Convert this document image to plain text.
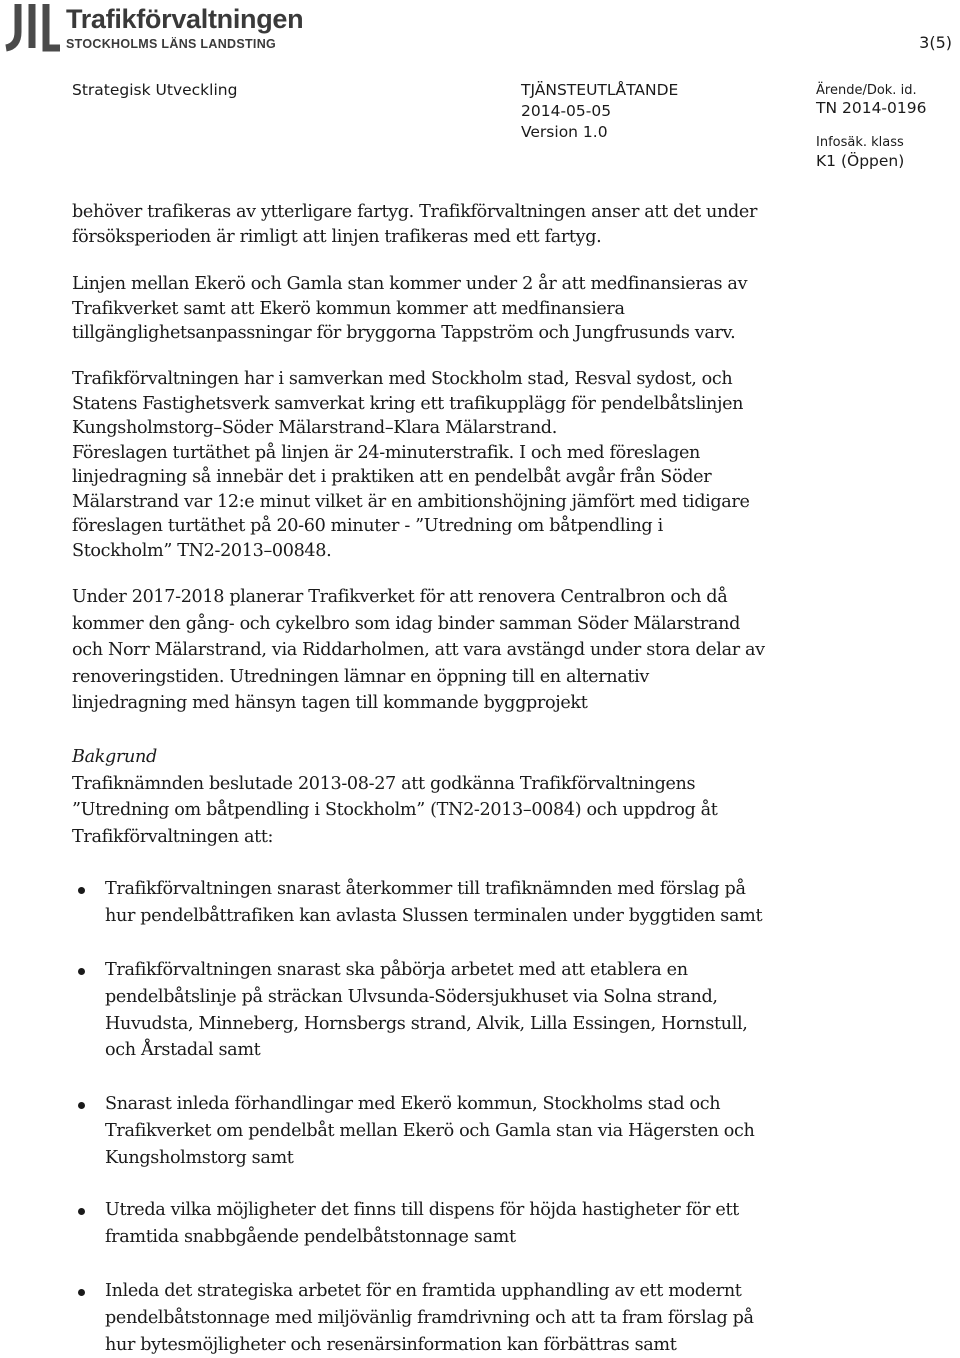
Trafikförvaltningen
STOCKHOLMS LÄNS LANDSTING	3(5)
Strategisk Utveckling	TJÄNSTEUTLÅTANDE
2014-05-05
Version 1.0
Ärende/Dok. id.
TN 2014-0196
Infosäk. klass
K1 (Öppen)

behöver trafikeras av ytterligare fartyg. Trafikförvaltningen anser att det under

försöksperioden är rimligt att linjen trafikeras med ett fartyg.

Linjen mellan Ekerö och Gamla stan kommer under 2 år att medfinansieras av

Trafikverket samt att Ekerö kommun kommer att medfinansiera

tillgänglighetsanpassningar för bryggorna Tappström och Jungfrusunds varv.

Trafikförvaltningen har i samverkan med Stockholm stad, Resval sydost, och

Statens Fastighetsverk samverkat kring ett trafikupplägg för pendelbåtslinjen

Kungsholmstorg–Söder Mälarstrand–Klara Mälarstrand.

Föreslagen turtäthet på linjen är 24-minuterstrafik. I och med föreslagen

linjedragning så innebär det i praktiken att en pendelbåt avgår från Söder

Mälarstrand var 12:e minut vilket är en ambitionshöjning jämfört med tidigare

föreslagen turtäthet på 20-60 minuter - ”Utredning om båtpendling i

Stockholm” TN2-2013–00848.

Under 2017-2018 planerar Trafikverket för att renovera Centralbron och då

kommer den gång- och cykelbro som idag binder samman Söder Mälarstrand

och Norr Mälarstrand, via Riddarholmen, att vara avstängd under stora delar av

renoveringstiden. Utredningen lämnar en öppning till en alternativ

linjedragning med hänsyn tagen till kommande byggprojekt

Bakgrund

Trafiknämnden beslutade 2013-08-27 att godkänna Trafikförvaltningens

”Utredning om båtpendling i Stockholm” (TN2-2013–0084) och uppdrog åt

Trafikförvaltningen att:

Trafikförvaltningen snarast återkommer till trafiknämnden med förslag på

hur pendelbåttrafiken kan avlasta Slussen terminalen under byggtiden samt

Trafikförvaltningen snarast ska påbörja arbetet med att etablera en

pendelbåtslinje på sträckan Ulvsunda-Södersjukhuset via Solna strand,

Huvudsta, Minneberg, Hornsbergs strand, Alvik, Lilla Essingen, Hornstull,

och Årstadal samt

Snarast inleda förhandlingar med Ekerö kommun, Stockholms stad och

Trafikverket om pendelbåt mellan Ekerö och Gamla stan via Hägersten och

Kungsholmstorg samt

Utreda vilka möjligheter det finns till dispens för höjda hastigheter för ett

framtida snabbgående pendelbåtstonnage samt

Inleda det strategiska arbetet för en framtida upphandling av ett modernt

pendelbåtstonnage med miljövänlig framdrivning och att ta fram förslag på

hur bytesmöjligheter och resenärsinformation kan förbättras samt
